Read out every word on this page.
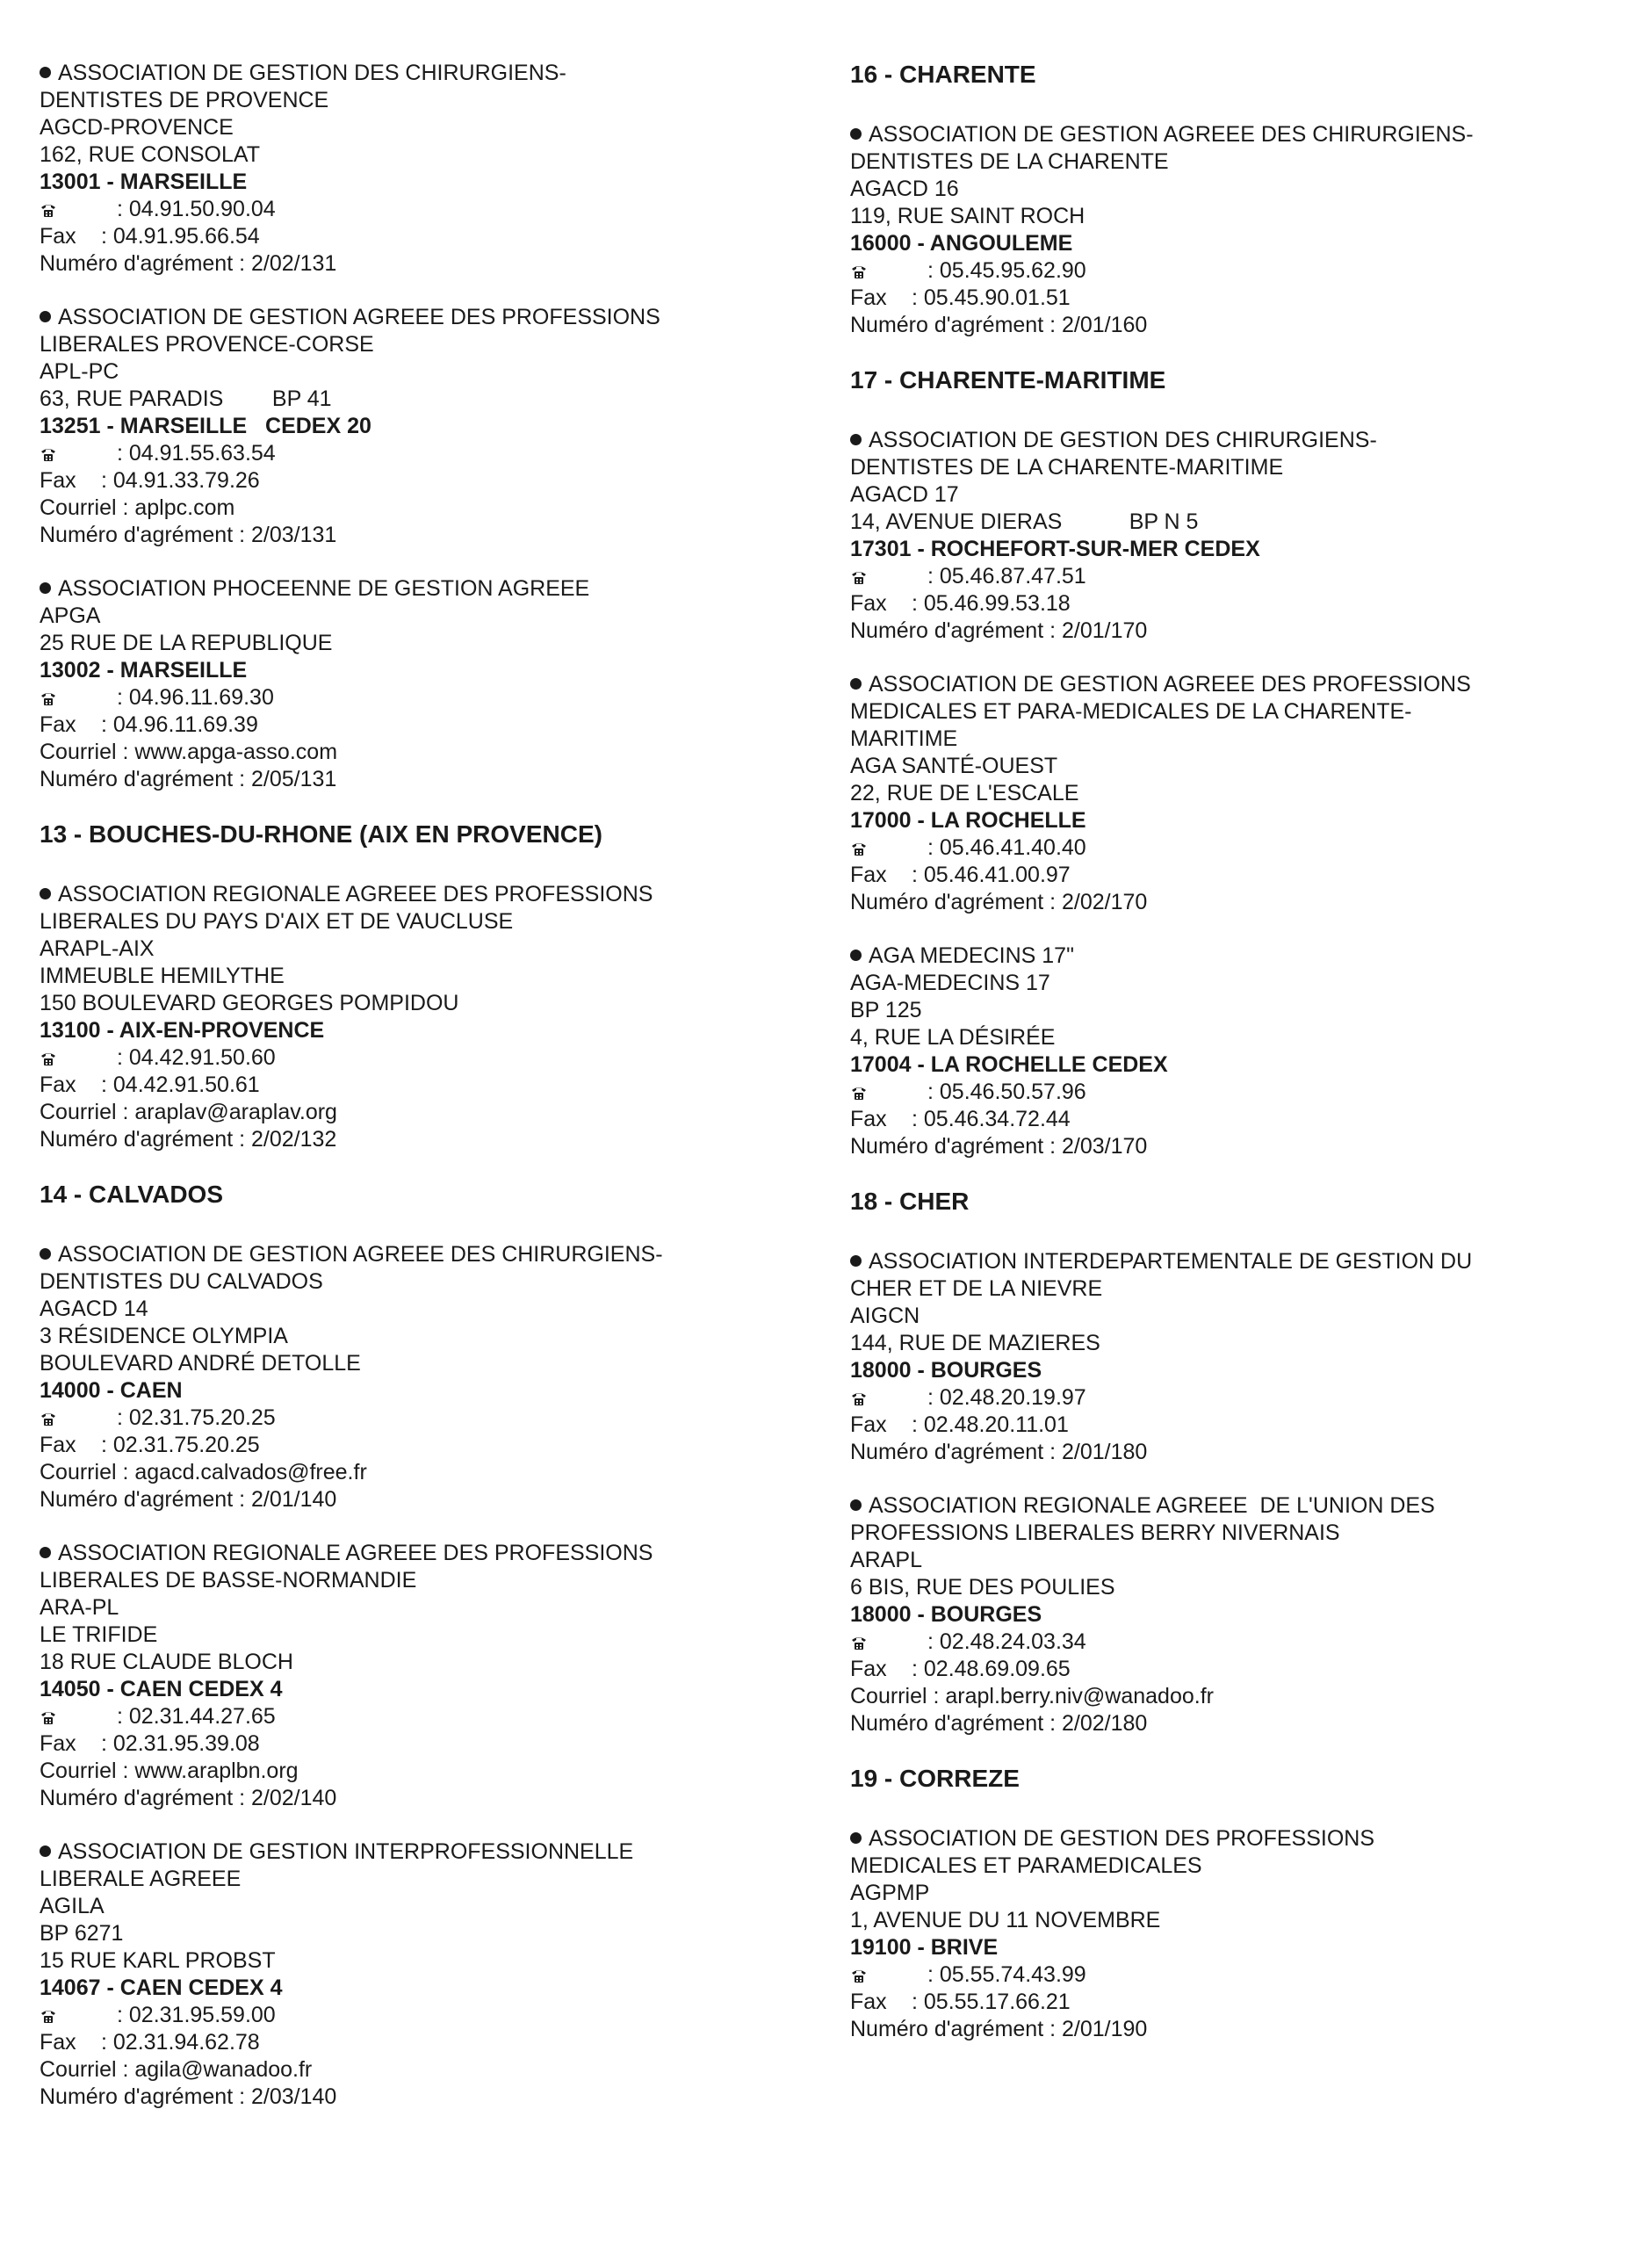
ASSOCIATION DE GESTION DES CHIRURGIENS-
DENTISTES DE PROVENCE
AGCD-PROVENCE
162, RUE CONSOLAT
13001 - MARSEILLE
: 04.91.50.90.04
Fax : 04.91.95.66.54
Numéro d'agrément : 2/02/131
ASSOCIATION DE GESTION AGREEE DES PROFESSIONS
LIBERALES PROVENCE-CORSE
APL-PC
63, RUE PARADIS        BP 41
13251 - MARSEILLE   CEDEX 20
: 04.91.55.63.54
Fax : 04.91.33.79.26
Courriel : aplpc.com
Numéro d'agrément : 2/03/131
ASSOCIATION PHOCEENNE DE GESTION AGREEE
APGA
25 RUE DE LA REPUBLIQUE
13002 - MARSEILLE
: 04.96.11.69.30
Fax : 04.96.11.69.39
Courriel : www.apga-asso.com
Numéro d'agrément : 2/05/131
13 - BOUCHES-DU-RHONE (AIX EN PROVENCE)
ASSOCIATION REGIONALE AGREEE DES PROFESSIONS
LIBERALES DU PAYS D'AIX ET DE VAUCLUSE
ARAPL-AIX
IMMEUBLE HEMILYTHE
150 BOULEVARD GEORGES POMPIDOU
13100 - AIX-EN-PROVENCE
: 04.42.91.50.60
Fax : 04.42.91.50.61
Courriel : araplav@araplav.org
Numéro d'agrément : 2/02/132
14 - CALVADOS
ASSOCIATION DE GESTION AGREEE DES CHIRURGIENS-
DENTISTES DU CALVADOS
AGACD 14
3 RÉSIDENCE OLYMPIA
BOULEVARD ANDRÉ DETOLLE
14000 - CAEN
: 02.31.75.20.25
Fax : 02.31.75.20.25
Courriel : agacd.calvados@free.fr
Numéro d'agrément : 2/01/140
ASSOCIATION REGIONALE AGREEE DES PROFESSIONS
LIBERALES DE BASSE-NORMANDIE
ARA-PL
LE TRIFIDE
18 RUE CLAUDE BLOCH
14050 - CAEN CEDEX 4
: 02.31.44.27.65
Fax : 02.31.95.39.08
Courriel : www.araplbn.org
Numéro d'agrément : 2/02/140
ASSOCIATION DE GESTION INTERPROFESSIONNELLE
LIBERALE AGREEE
AGILA
BP 6271
15 RUE KARL PROBST
14067 - CAEN CEDEX 4
: 02.31.95.59.00
Fax : 02.31.94.62.78
Courriel : agila@wanadoo.fr
Numéro d'agrément : 2/03/140
16 - CHARENTE
ASSOCIATION DE GESTION AGREEE DES CHIRURGIENS-
DENTISTES DE LA CHARENTE
AGACD 16
119, RUE SAINT ROCH
16000 - ANGOULEME
: 05.45.95.62.90
Fax : 05.45.90.01.51
Numéro d'agrément : 2/01/160
17 - CHARENTE-MARITIME
ASSOCIATION DE GESTION DES CHIRURGIENS-
DENTISTES DE LA CHARENTE-MARITIME
AGACD 17
14, AVENUE DIERAS           BP N 5
17301 - ROCHEFORT-SUR-MER CEDEX
: 05.46.87.47.51
Fax : 05.46.99.53.18
Numéro d'agrément : 2/01/170
ASSOCIATION DE GESTION AGREEE DES PROFESSIONS
MEDICALES ET PARA-MEDICALES DE LA CHARENTE-
MARITIME
AGA SANTÉ-OUEST
22, RUE DE L'ESCALE
17000 - LA ROCHELLE
: 05.46.41.40.40
Fax : 05.46.41.00.97
Numéro d'agrément : 2/02/170
AGA MEDECINS 17"
AGA-MEDECINS 17
BP 125
4, RUE LA DÉSIRÉE
17004 - LA ROCHELLE CEDEX
: 05.46.50.57.96
Fax : 05.46.34.72.44
Numéro d'agrément : 2/03/170
18 - CHER
ASSOCIATION INTERDEPARTEMENTALE DE GESTION DU
CHER ET DE LA NIEVRE
AIGCN
144, RUE DE MAZIERES
18000 - BOURGES
: 02.48.20.19.97
Fax : 02.48.20.11.01
Numéro d'agrément : 2/01/180
ASSOCIATION REGIONALE AGREEE  DE L'UNION DES
PROFESSIONS LIBERALES BERRY NIVERNAIS
ARAPL
6 BIS, RUE DES POULIES
18000 - BOURGES
: 02.48.24.03.34
Fax : 02.48.69.09.65
Courriel : arapl.berry.niv@wanadoo.fr
Numéro d'agrément : 2/02/180
19 - CORREZE
ASSOCIATION DE GESTION DES PROFESSIONS
MEDICALES ET PARAMEDICALES
AGPMP
1, AVENUE DU 11 NOVEMBRE
19100 - BRIVE
: 05.55.74.43.99
Fax : 05.55.17.66.21
Numéro d'agrément : 2/01/190
